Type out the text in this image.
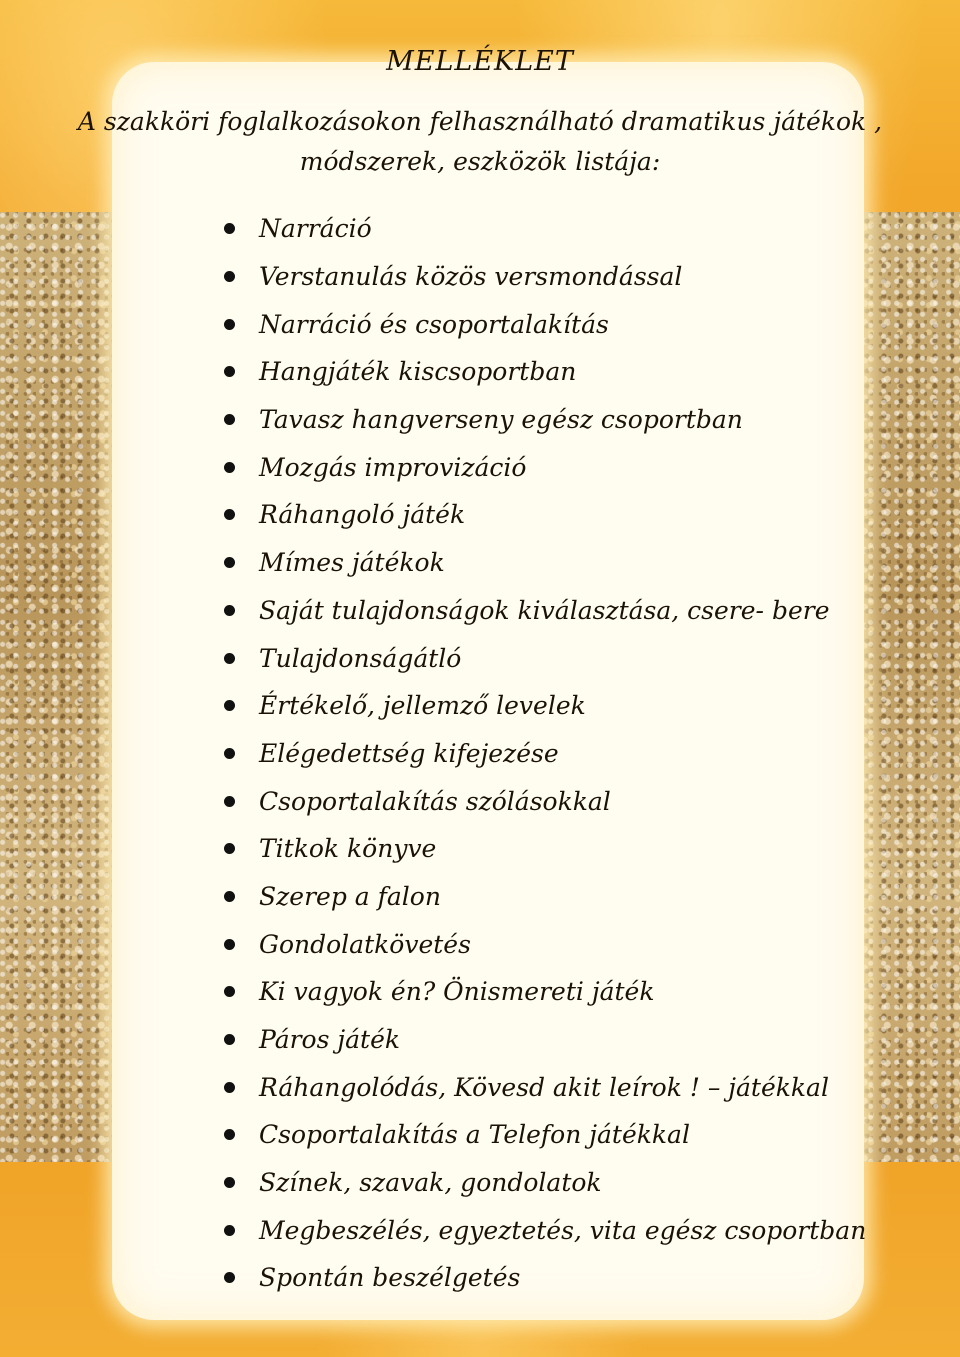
MELLÉKLET
A szakköri foglalkozásokon felhasználható dramatikus játékok ,
módszerek, eszközök listája:
Narráció
Verstanulás közös versmondással
Narráció és csoportalakítás
Hangjáték kiscsoportban
Tavasz hangverseny egész csoportban
Mozgás improvizáció
Ráhangoló játék
Mímes játékok
Saját tulajdonságok kiválasztása, csere- bere
Tulajdonságátló
Értékelő, jellemző levelek
Elégedettség kifejezése
Csoportalakítás szólásokkal
Titkok könyve
Szerep a falon
Gondolatkövetés
Ki vagyok én? Önismereti játék
Páros játék
Ráhangolódás, Kövesd akit leírok ! – játékkal
Csoportalakítás a Telefon játékkal
Színek, szavak, gondolatok
Megbeszélés, egyeztetés, vita egész csoportban
Spontán beszélgetés
